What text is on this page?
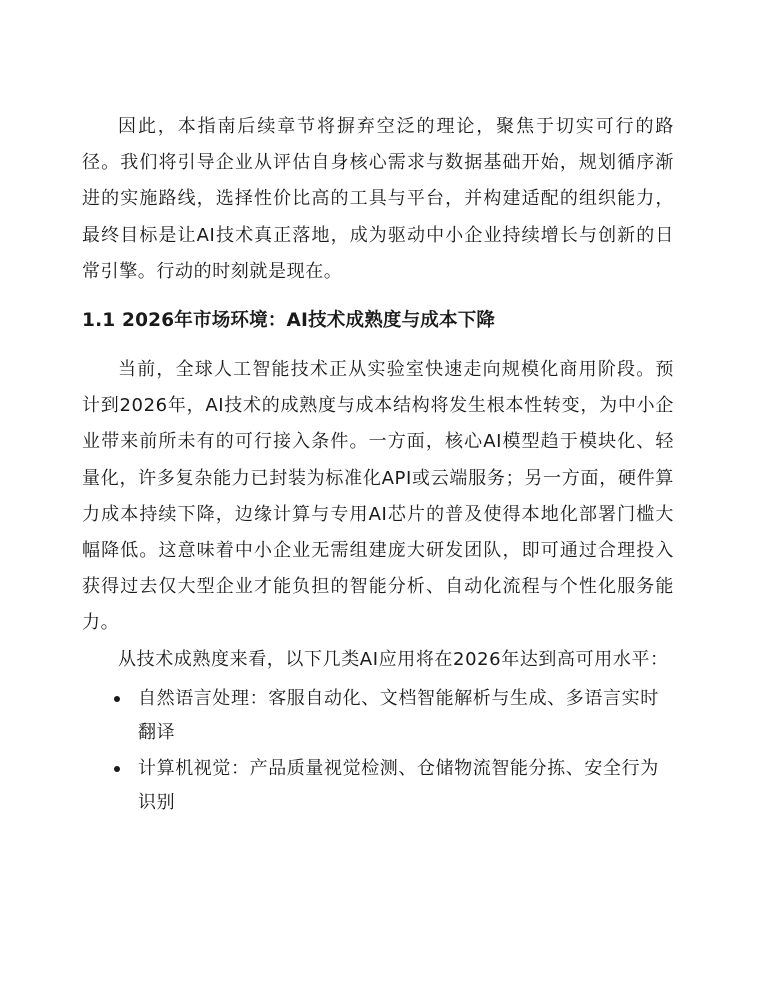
因此，本指南后续章节将摒弃空泛的理论，聚焦于切实可行的路径。我们将引导企业从评估自身核心需求与数据基础开始，规划循序渐进的实施路线，选择性价比高的工具与平台，并构建适配的组织能力，最终目标是让AI技术真正落地，成为驱动中小企业持续增长与创新的日常引擎。行动的时刻就是现在。

1.1 2026年市场环境：AI技术成熟度与成本下降

当前，全球人工智能技术正从实验室快速走向规模化商用阶段。预计到2026年，AI技术的成熟度与成本结构将发生根本性转变，为中小企业带来前所未有的可行接入条件。一方面，核心AI模型趋于模块化、轻量化，许多复杂能力已封装为标准化API或云端服务；另一方面，硬件算力成本持续下降，边缘计算与专用AI芯片的普及使得本地化部署门槛大幅降低。这意味着中小企业无需组建庞大研发团队，即可通过合理投入获得过去仅大型企业才能负担的智能分析、自动化流程与个性化服务能力。

从技术成熟度来看，以下几类AI应用将在2026年达到高可用水平：

自然语言处理：客服自动化、文档智能解析与生成、多语言实时翻译
计算机视觉：产品质量视觉检测、仓储物流智能分拣、安全行为识别
